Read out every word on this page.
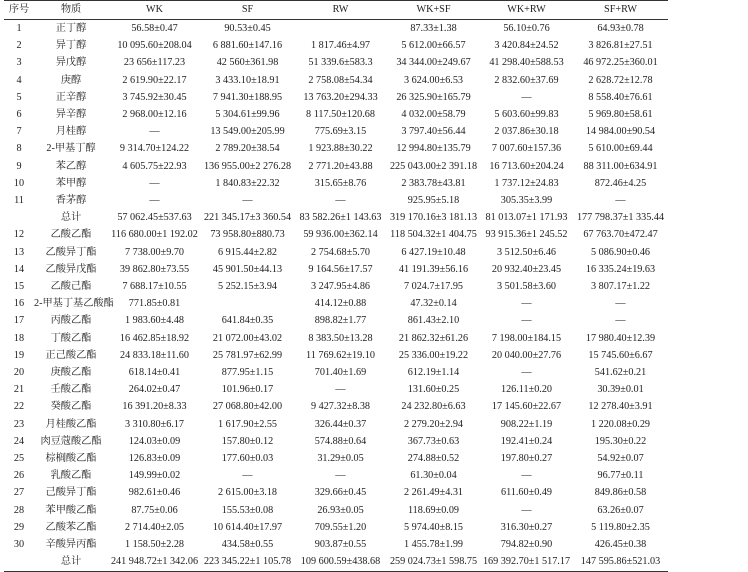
序号	物质	WK	SF	RW	WK+SF	WK+RW	SF+RW
1	正丁醇	56.58±0.47	90.53±0.45		87.33±1.38	56.10±0.76	64.93±0.78
2	异丁醇	10 095.60±208.04	6 881.60±147.16	1 817.46±4.97	5 612.00±66.57	3 420.84±24.52	3 826.81±27.51
3	异戊醇	23 656±117.23	42 560±361.98	51 339.6±583.3	34 344.00±249.67	41 298.40±588.53	46 972.25±360.01
4	庚醇	2 619.90±22.17	3 433.10±18.91	2 758.08±54.34	3 624.00±6.53	2 832.60±37.69	2 628.72±12.78
5	正辛醇	3 745.92±30.45	7 941.30±188.95	13 763.20±294.33	26 325.90±165.79	—	8 558.40±76.61
6	异辛醇	2 968.00±12.16	5 304.61±99.96	8 117.50±120.68	4 032.00±58.79	5 603.60±99.83	5 969.80±58.61
7	月桂醇	—	13 549.00±205.99	775.69±3.15	3 797.40±56.44	2 037.86±30.18	14 984.00±90.54
8	2-甲基丁醇	9 314.70±124.22	2 789.20±38.54	1 923.88±30.22	12 994.80±135.79	7 007.60±157.36	5 610.00±69.44
9	苯乙醇	4 605.75±22.93	136 955.00±2 276.28	2 771.20±43.88	225 043.00±2 391.18	16 713.60±204.24	88 311.00±634.91
10	苯甲醇	—	1 840.83±22.32	315.65±8.76	2 383.78±43.81	1 737.12±24.83	872.46±4.25
11	香茅醇	—	—	—	925.95±5.18	305.35±3.99	—
	总计	57 062.45±537.63	221 345.17±3 360.54	83 582.26±1 143.63	319 170.16±3 181.13	81 013.07±1 171.93	177 798.37±1 335.44
12	乙酸乙酯	116 680.00±1 192.02	73 958.80±880.73	59 936.00±362.14	118 504.32±1 404.75	93 915.36±1 245.52	67 763.70±472.47
13	乙酸异丁酯	7 738.00±9.70	6 915.44±2.82	2 754.68±5.70	6 427.19±10.48	3 512.50±6.46	5 086.90±0.46
14	乙酸异戊酯	39 862.80±73.55	45 901.50±44.13	9 164.56±17.57	41 191.39±56.16	20 932.40±23.45	16 335.24±19.63
15	乙酸己酯	7 688.17±10.55	5 252.15±3.94	3 247.95±4.86	7 024.7±17.95	3 501.58±3.60	3 807.17±1.22
16	2-甲基丁基乙酸酯	771.85±0.81		414.12±0.88	47.32±0.14	—	—
17	丙酸乙酯	1 983.60±4.48	641.84±0.35	898.82±1.77	861.43±2.10	—	—
18	丁酸乙酯	16 462.85±18.92	21 072.00±43.02	8 383.50±13.28	21 862.32±61.26	7 198.00±184.15	17 980.40±12.39
19	正己酸乙酯	24 833.18±11.60	25 781.97±62.99	11 769.62±19.10	25 336.00±19.22	20 040.00±27.76	15 745.60±6.67
20	庚酸乙酯	618.14±0.41	877.95±1.15	701.40±1.69	612.19±1.14	—	541.62±0.21
21	壬酸乙酯	264.02±0.47	101.96±0.17	—	131.60±0.25	126.11±0.20	30.39±0.01
22	癸酸乙酯	16 391.20±8.33	27 068.80±42.00	9 427.32±8.38	24 232.80±6.63	17 145.60±22.67	12 278.40±3.91
23	月桂酸乙酯	3 310.80±6.17	1 617.90±2.55	326.44±0.37	2 279.20±2.94	908.22±1.19	1 220.08±0.29
24	肉豆蔻酸乙酯	124.03±0.09	157.80±0.12	574.88±0.64	367.73±0.63	192.41±0.24	195.30±0.22
25	棕榈酸乙酯	126.83±0.09	177.60±0.03	31.29±0.05	274.88±0.52	197.80±0.27	54.92±0.07
26	乳酸乙酯	149.99±0.02	—	—	61.30±0.04	—	96.77±0.11
27	己酸异丁酯	982.61±0.46	2 615.00±3.18	329.66±0.45	2 261.49±4.31	611.60±0.49	849.86±0.58
28	苯甲酸乙酯	87.75±0.06	155.53±0.08	26.93±0.05	118.69±0.09	—	63.26±0.07
29	乙酸苯乙酯	2 714.40±2.05	10 614.40±17.97	709.55±1.20	5 974.40±8.15	316.30±0.27	5 119.80±2.35
30	辛酸异丙酯	1 158.50±2.28	434.58±0.55	903.87±0.55	1 455.78±1.99	794.82±0.90	426.45±0.38
	总计	241 948.72±1 342.06	223 345.22±1 105.78	109 600.59±438.68	259 024.73±1 598.75	169 392.70±1 517.17	147 595.86±521.03
